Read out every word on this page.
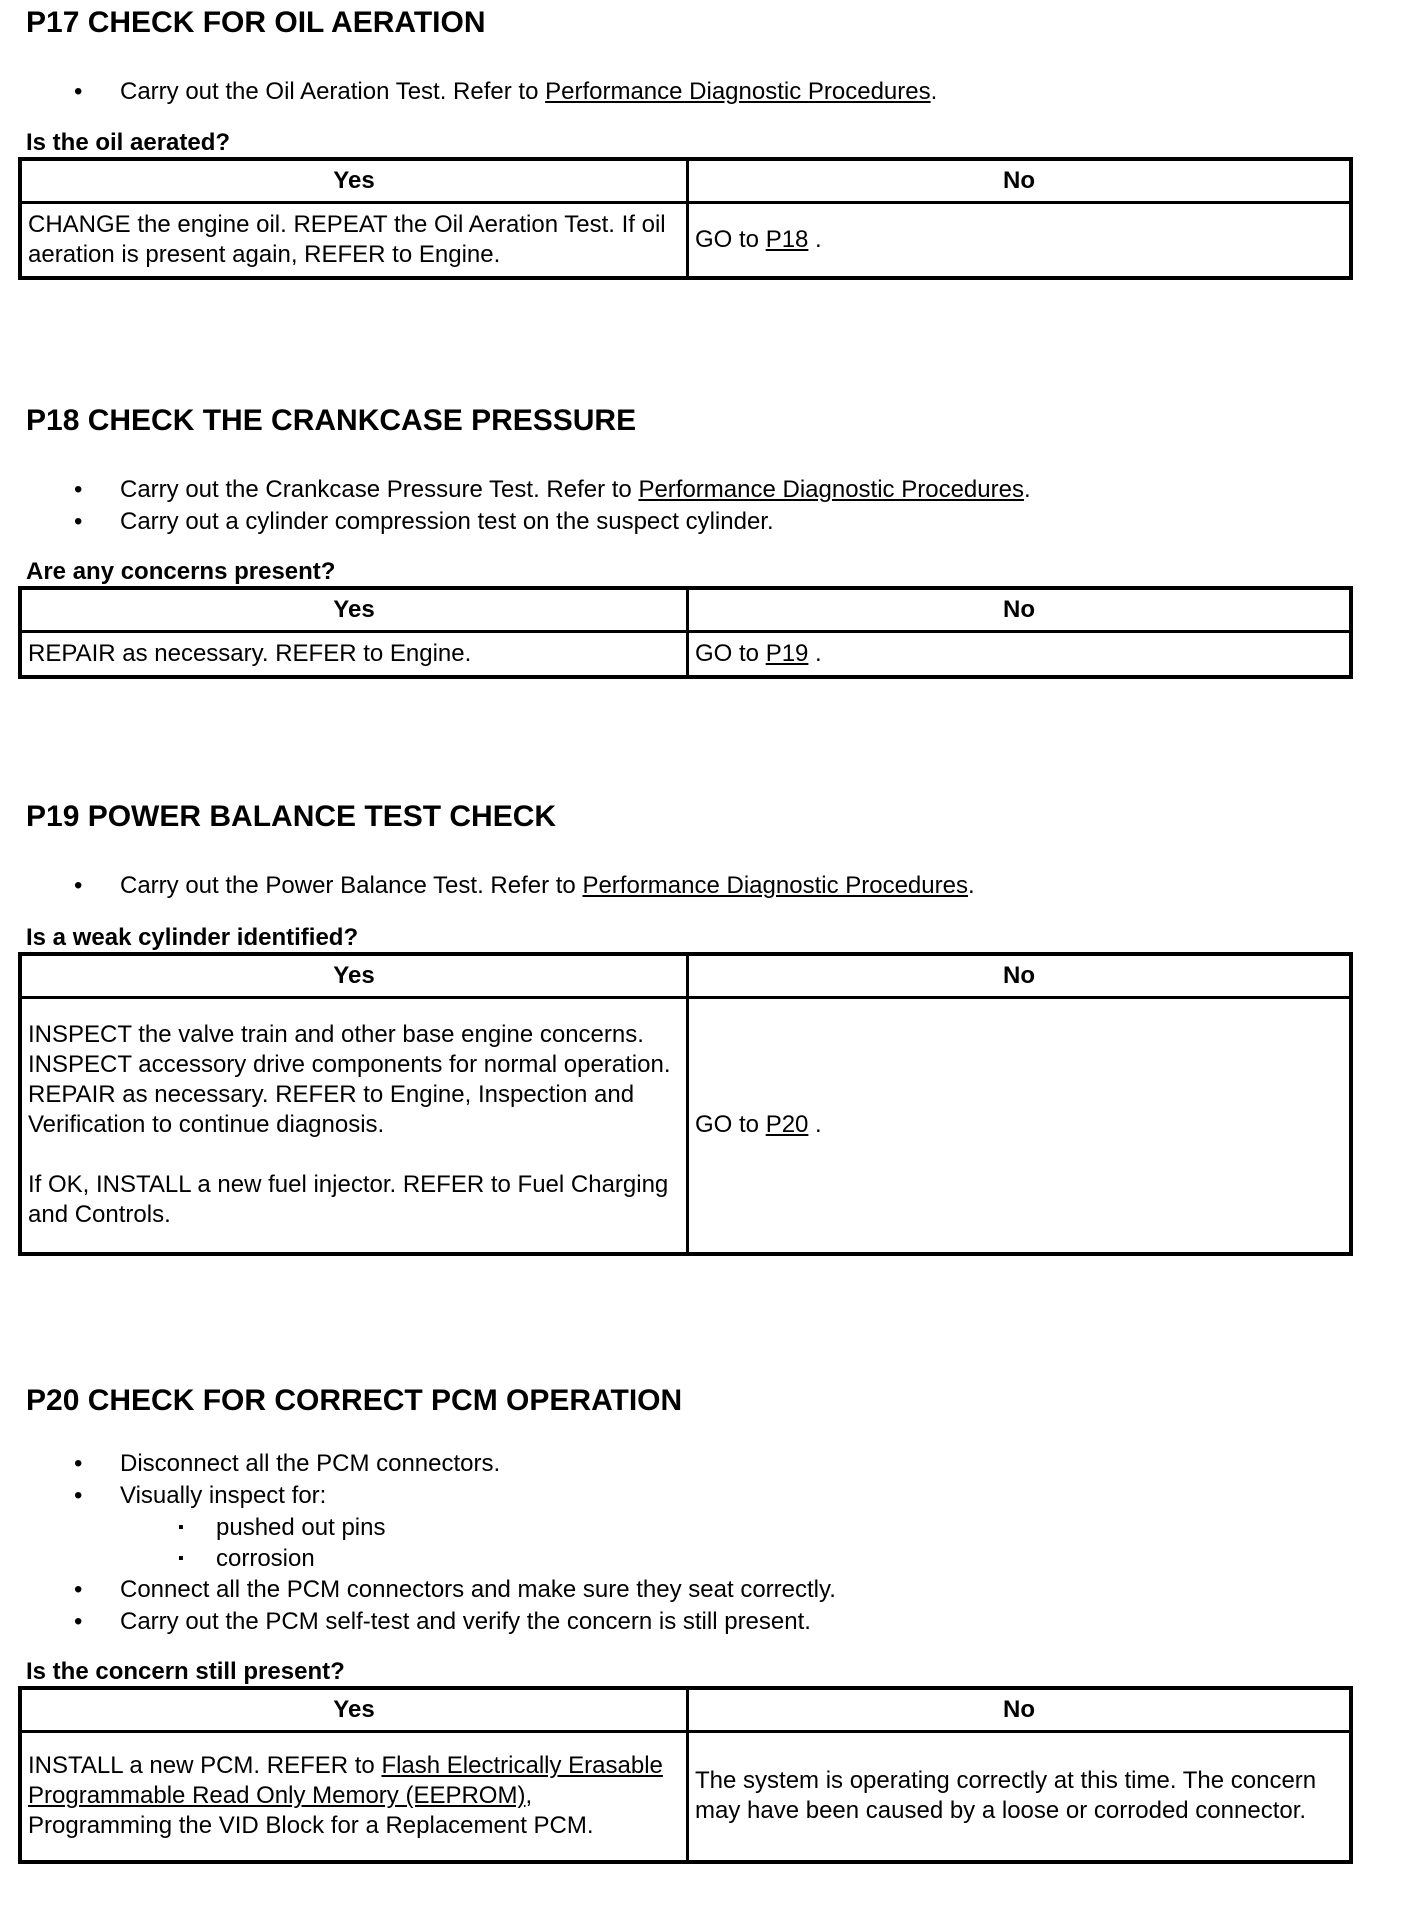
P17 CHECK FOR OIL AERATION
• Carry out the Oil Aeration Test. Refer to Performance Diagnostic Procedures.
Is the oil aerated?
Yes	No
CHANGE the engine oil. REPEAT the Oil Aeration Test. If oil aeration is present again, REFER to Engine.	GO to P18 .
P18 CHECK THE CRANKCASE PRESSURE
• Carry out the Crankcase Pressure Test. Refer to Performance Diagnostic Procedures.
• Carry out a cylinder compression test on the suspect cylinder.
Are any concerns present?
Yes	No
REPAIR as necessary. REFER to Engine.	GO to P19 .
P19 POWER BALANCE TEST CHECK
• Carry out the Power Balance Test. Refer to Performance Diagnostic Procedures.
Is a weak cylinder identified?
Yes	No

INSPECT the valve train and other base engine concerns. INSPECT accessory drive components for normal operation. REPAIR as necessary. REFER to Engine, Inspection and Verification to continue diagnosis.

If OK, INSTALL a new fuel injector. REFER to Fuel Charging and Controls.	GO to P20 .
P20 CHECK FOR CORRECT PCM OPERATION
• Disconnect all the PCM connectors.
• Visually inspect for:
▪ pushed out pins
▪ corrosion
• Connect all the PCM connectors and make sure they seat correctly.
• Carry out the PCM self-test and verify the concern is still present.
Is the concern still present?
Yes	No
INSTALL a new PCM. REFER to Flash Electrically Erasable Programmable Read Only Memory (EEPROM), Programming the VID Block for a Replacement PCM.	The system is operating correctly at this time. The concern may have been caused by a loose or corroded connector.
